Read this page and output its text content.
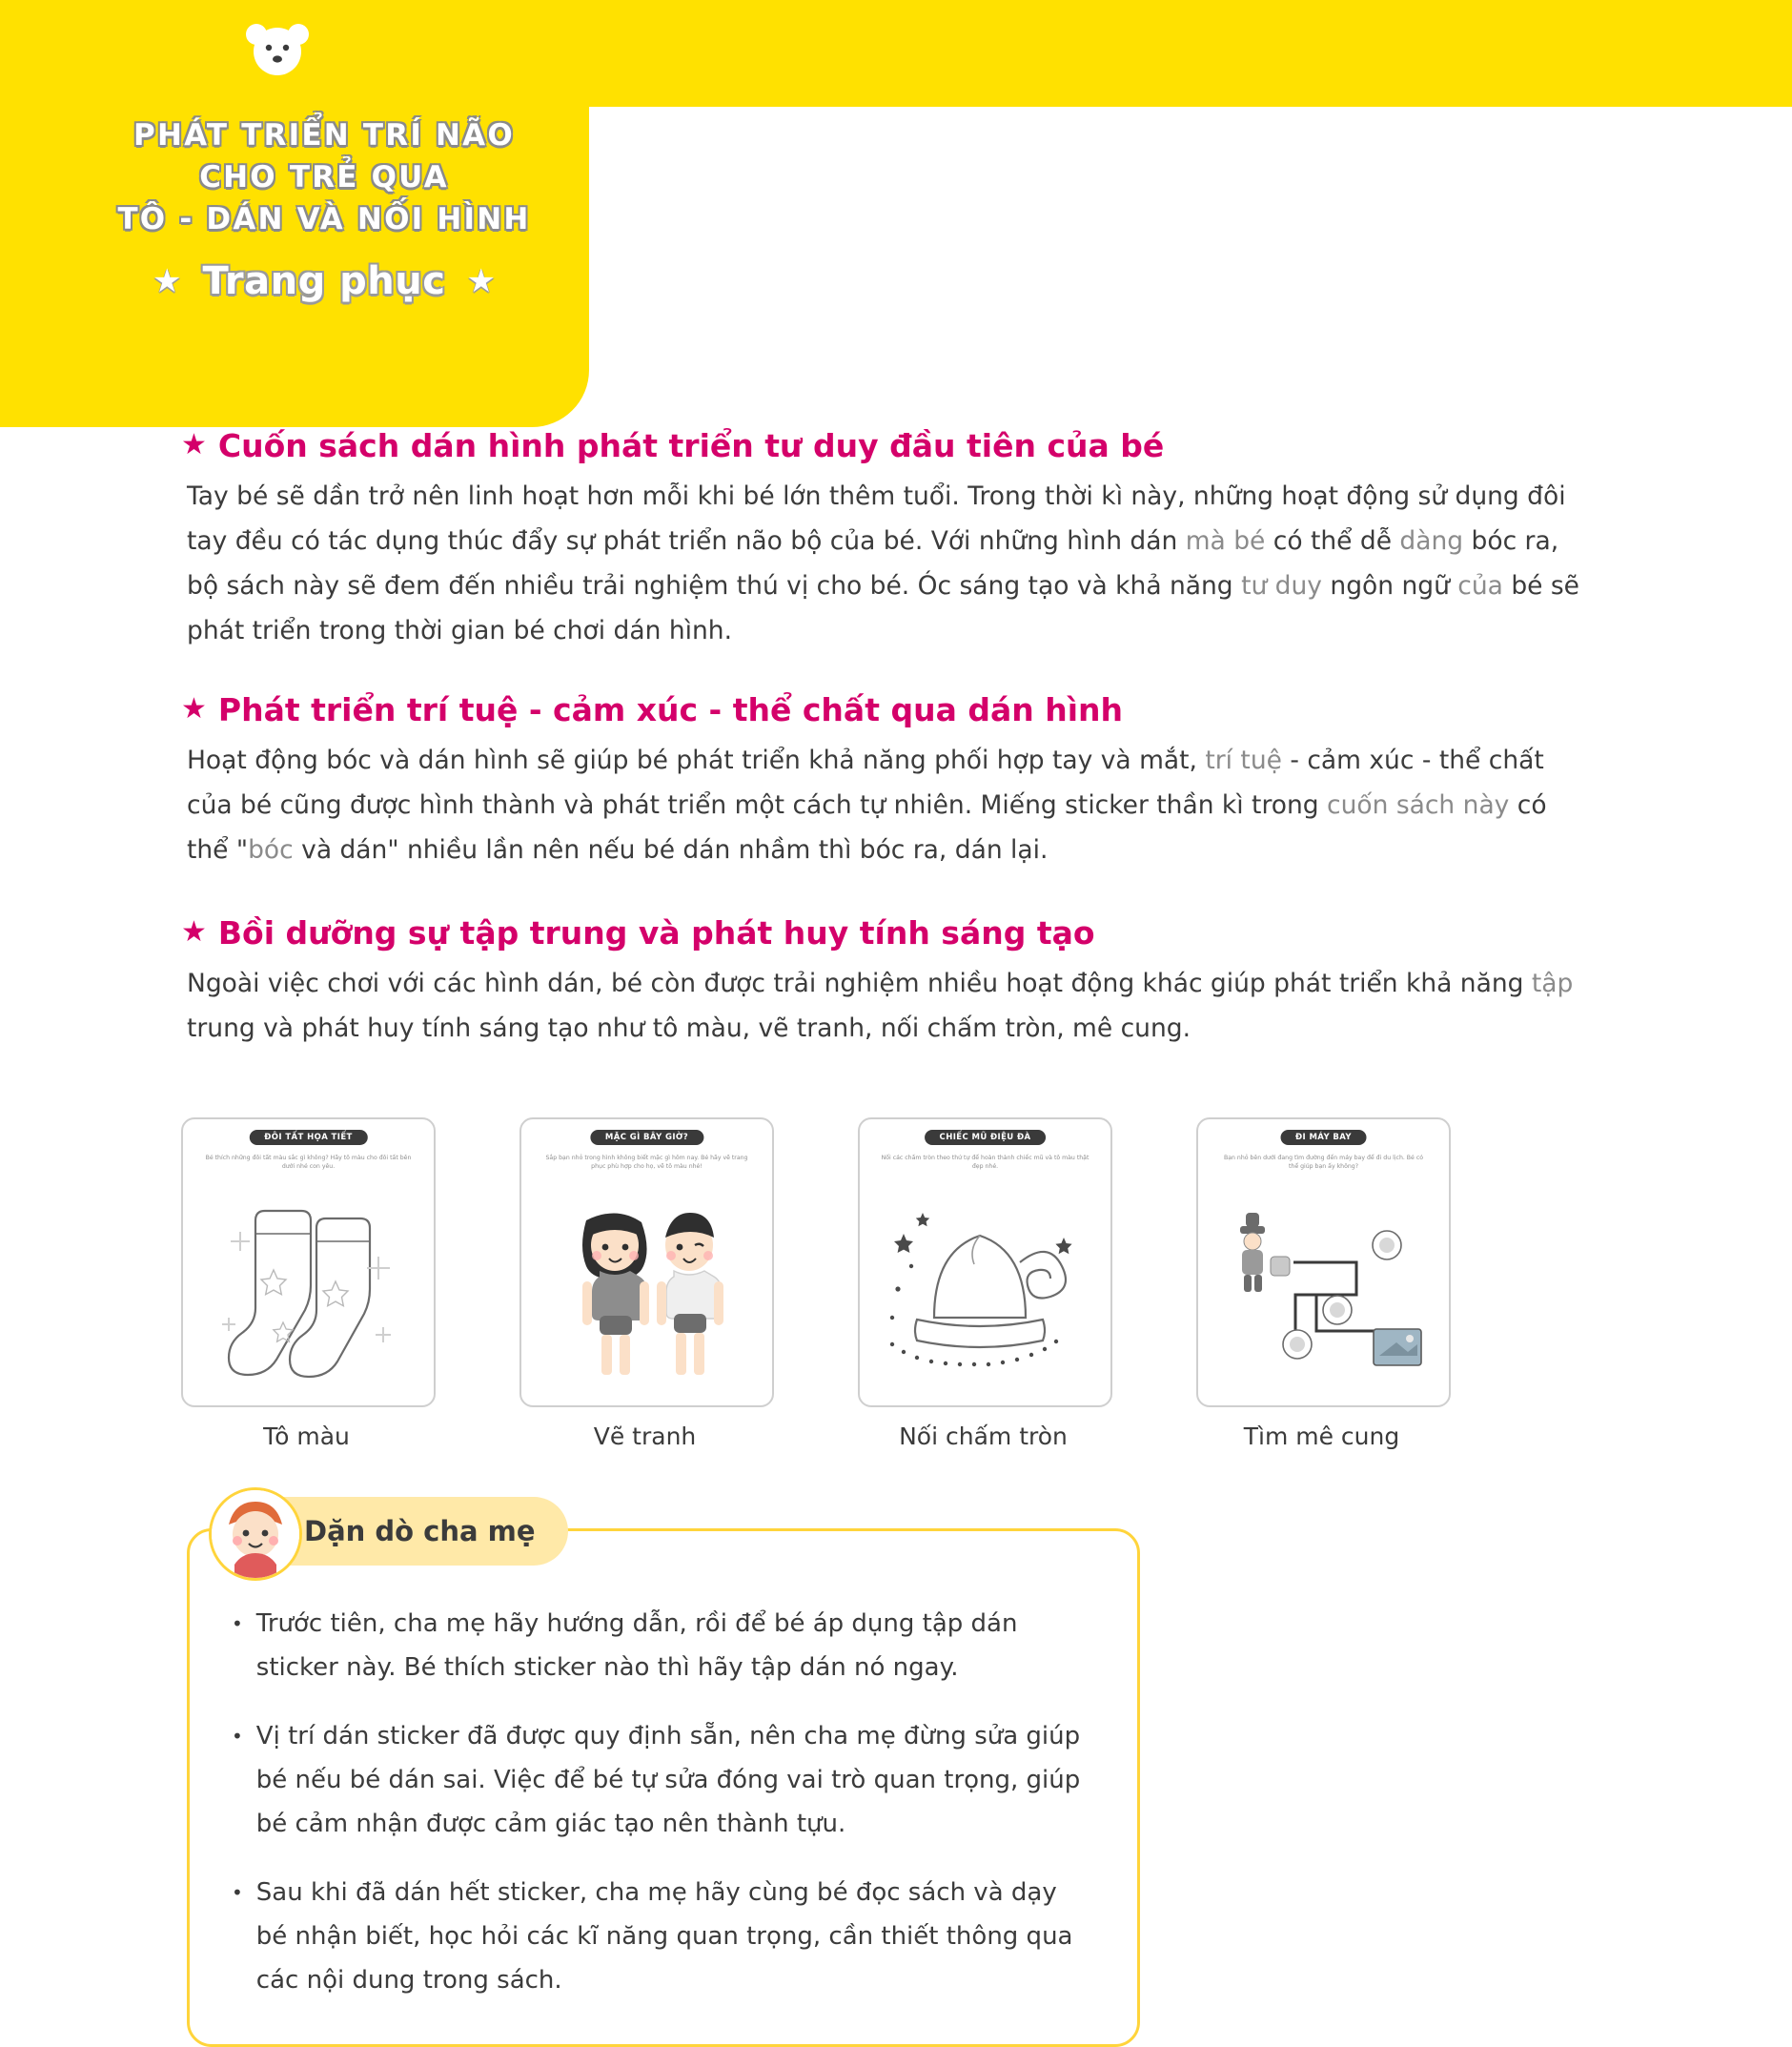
PHÁT TRIỂN TRÍ NÃO
CHO TRẺ QUA
TÔ - DÁN VÀ NỐI HÌNH
★ Trang phục ★
★ Cuốn sách dán hình phát triển tư duy đầu tiên của bé
Tay bé sẽ dần trở nên linh hoạt hơn mỗi khi bé lớn thêm tuổi. Trong thời kì này, những hoạt động sử dụng đôi tay đều có tác dụng thúc đẩy sự phát triển não bộ của bé. Với những hình dán mà bé có thể dễ dàng bóc ra, bộ sách này sẽ đem đến nhiều trải nghiệm thú vị cho bé. Óc sáng tạo và khả năng tư duy ngôn ngữ của bé sẽ phát triển trong thời gian bé chơi dán hình.
★ Phát triển trí tuệ - cảm xúc - thể chất qua dán hình
Hoạt động bóc và dán hình sẽ giúp bé phát triển khả năng phối hợp tay và mắt, trí tuệ - cảm xúc - thể chất của bé cũng được hình thành và phát triển một cách tự nhiên. Miếng sticker thần kì trong cuốn sách này có thể "bóc và dán" nhiều lần nên nếu bé dán nhầm thì bóc ra, dán lại.
★ Bồi dưỡng sự tập trung và phát huy tính sáng tạo
Ngoài việc chơi với các hình dán, bé còn được trải nghiệm nhiều hoạt động khác giúp phát triển khả năng tập trung và phát huy tính sáng tạo như tô màu, vẽ tranh, nối chấm tròn, mê cung.
ĐÔI TẤT HỌA TIẾT
Bé thích những đôi tất màu sắc gì không? Hãy tô màu cho đôi tất bên dưới nhé con yêu.
Tô màu
MẶC GÌ BÂY GIỜ?
Sắp bạn nhỏ trong hình không biết mặc gì hôm nay. Bé hãy vẽ trang phục phù hợp cho họ, vẽ tô màu nhé!
Vẽ tranh
CHIẾC MŨ ĐIỆU ĐÀ
Nối các chấm tròn theo thứ tự để hoàn thành chiếc mũ và tô màu thật đẹp nhé.
Nối chấm tròn
ĐI MÁY BAY
Bạn nhỏ bên dưới đang tìm đường đến máy bay để đi du lịch. Bé có thể giúp bạn ấy không?
Tìm mê cung
Dặn dò cha mẹ
• Trước tiên, cha mẹ hãy hướng dẫn, rồi để bé áp dụng tập dán sticker này. Bé thích sticker nào thì hãy tập dán nó ngay.
• Vị trí dán sticker đã được quy định sẵn, nên cha mẹ đừng sửa giúp bé nếu bé dán sai. Việc để bé tự sửa đóng vai trò quan trọng, giúp bé cảm nhận được cảm giác tạo nên thành tựu.
• Sau khi đã dán hết sticker, cha mẹ hãy cùng bé đọc sách và dạy bé nhận biết, học hỏi các kĩ năng quan trọng, cần thiết thông qua các nội dung trong sách.
